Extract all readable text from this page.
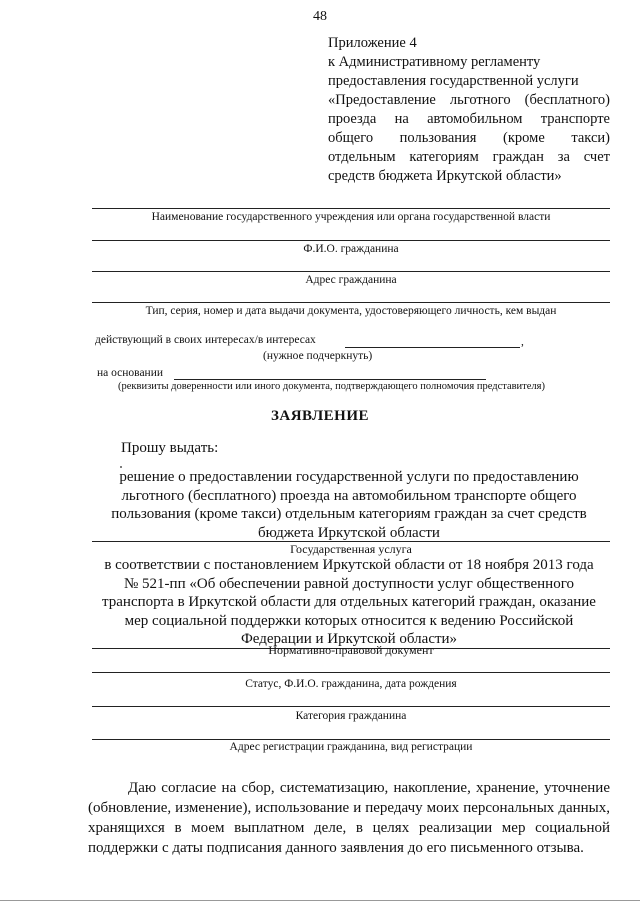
48
Приложение 4
к Административному регламенту
предоставления государственной услуги
«Предоставление льготного (бесплатного)
проезда на автомобильном транспорте
общего пользования (кроме такси)
отдельным категориям граждан за счет
средств бюджета Иркутской области»
Наименование государственного учреждения или органа государственной власти
Ф.И.О. гражданина
Адрес гражданина
Тип, серия, номер и дата выдачи документа, удостоверяющего личность, кем выдан
действующий в своих интересах/в интересах	,
(нужное подчеркнуть)
на основании
(реквизиты доверенности или иного документа, подтверждающего полномочия представителя)
ЗАЯВЛЕНИЕ
Прошу выдать:
решение о предоставлении государственной услуги по предоставлению
льготного (бесплатного) проезда на автомобильном транспорте общего
пользования (кроме такси) отдельным категориям граждан за счет средств
бюджета Иркутской области
Государственная услуга
в соответствии с постановлением Иркутской области от 18 ноября 2013 года
№ 521-пп «Об обеспечении равной доступности услуг общественного
транспорта в Иркутской области для отдельных категорий граждан, оказание
мер социальной поддержки которых относится к ведению Российской
Федерации и Иркутской области»
Нормативно-правовой документ
Статус, Ф.И.О. гражданина, дата рождения
Категория гражданина
Адрес регистрации гражданина, вид регистрации
Даю согласие на сбор, систематизацию, накопление, хранение, уточнение
(обновление, изменение), использование и передачу моих персональных данных,
хранящихся в моем выплатном деле, в целях реализации мер социальной
поддержки с даты подписания данного заявления до его письменного отзыва.
